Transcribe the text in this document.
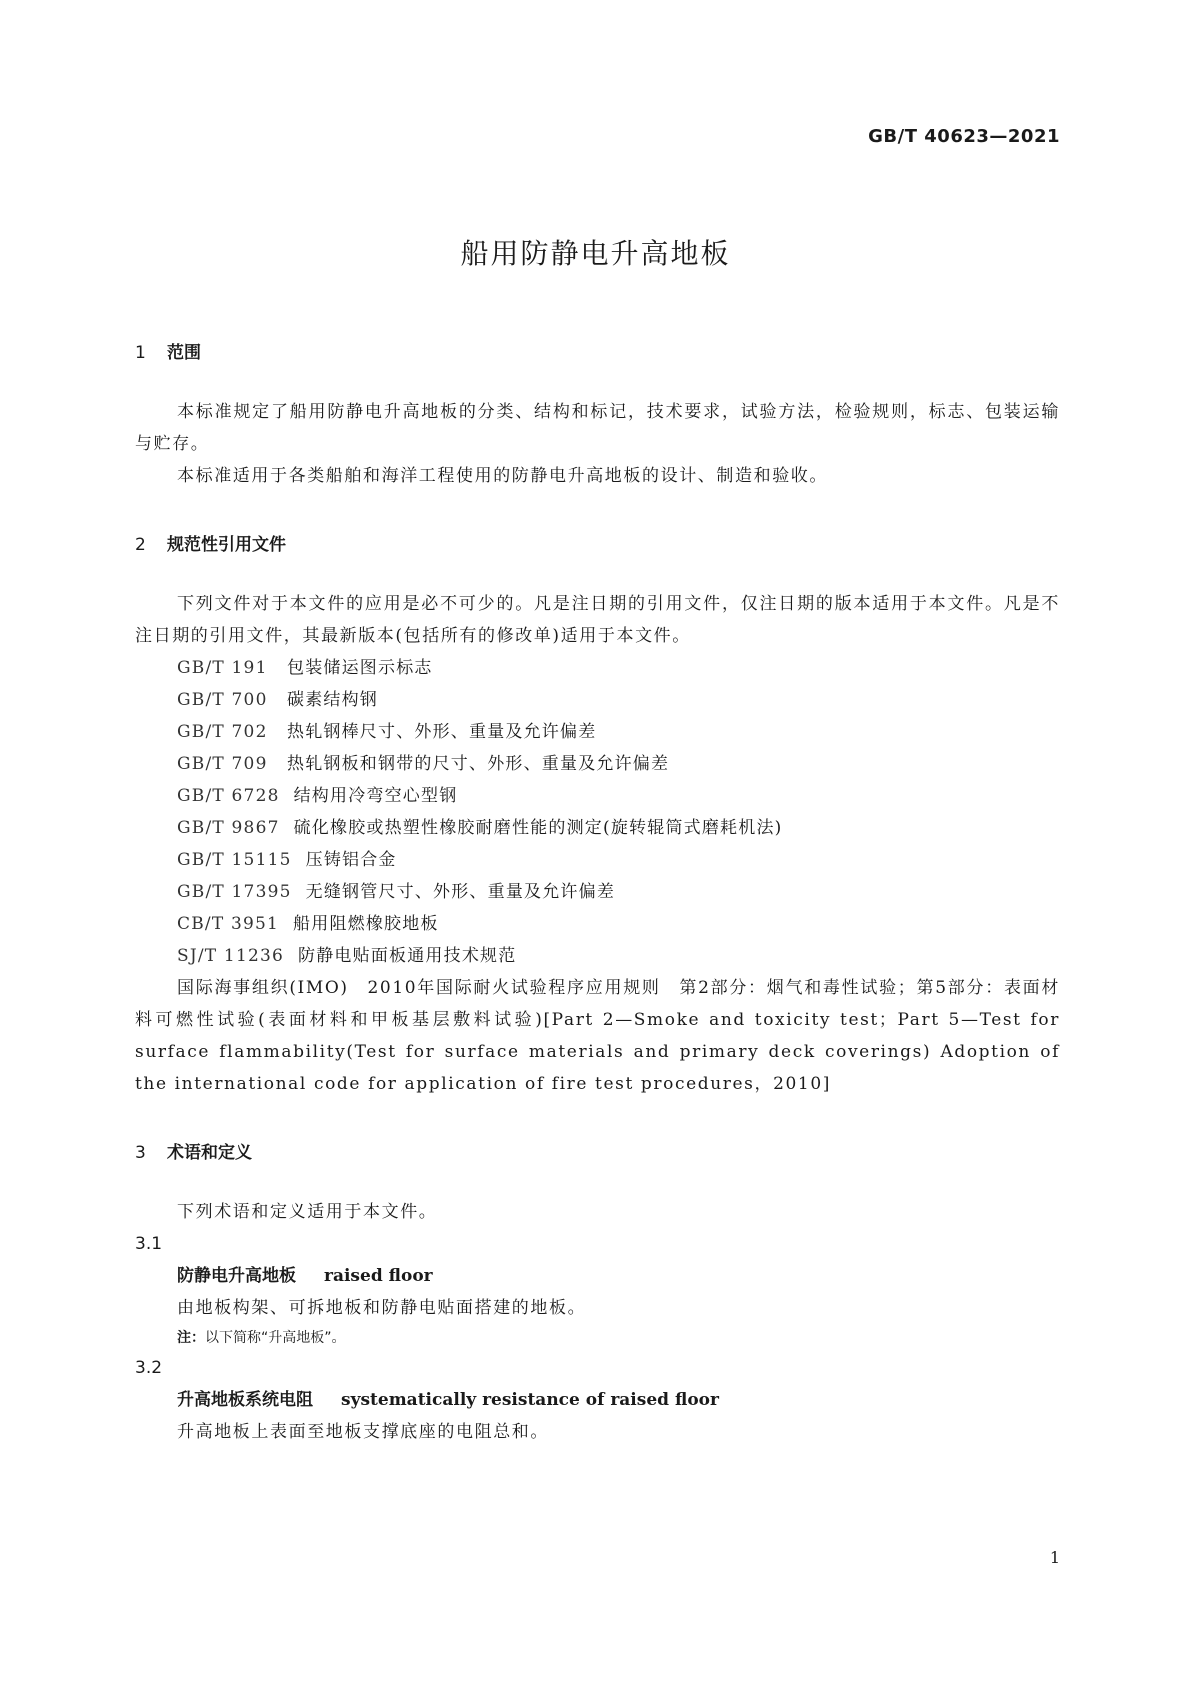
GB/T 40623—2021
船用防静电升高地板
1 范围

本标准规定了船用防静电升高地板的分类、结构和标记，技术要求，试验方法，检验规则，标志、包装运输与贮存。

本标准适用于各类船舶和海洋工程使用的防静电升高地板的设计、制造和验收。

2 规范性引用文件

下列文件对于本文件的应用是必不可少的。凡是注日期的引用文件，仅注日期的版本适用于本文件。凡是不注日期的引用文件，其最新版本(包括所有的修改单)适用于本文件。

GB/T 191 包装储运图示标志
GB/T 700 碳素结构钢
GB/T 702 热轧钢棒尺寸、外形、重量及允许偏差
GB/T 709 热轧钢板和钢带的尺寸、外形、重量及允许偏差
GB/T 6728 结构用冷弯空心型钢
GB/T 9867 硫化橡胶或热塑性橡胶耐磨性能的测定(旋转辊筒式磨耗机法)
GB/T 15115 压铸铝合金
GB/T 17395 无缝钢管尺寸、外形、重量及允许偏差
CB/T 3951 船用阻燃橡胶地板
SJ/T 11236 防静电贴面板通用技术规范

国际海事组织(IMO)　2010年国际耐火试验程序应用规则　第2部分：烟气和毒性试验；第5部分：表面材料可燃性试验(表面材料和甲板基层敷料试验)[Part 2—Smoke and toxicity test；Part 5—Test for surface flammability(Test for surface materials and primary deck coverings) Adoption of the international code for application of fire test procedures，2010]

3 术语和定义

下列术语和定义适用于本文件。

3.1

防静电升高地板 raised floor

由地板构架、可拆地板和防静电贴面搭建的地板。

注：以下简称“升高地板”。

3.2

升高地板系统电阻 systematically resistance of raised floor

升高地板上表面至地板支撑底座的电阻总和。

1
